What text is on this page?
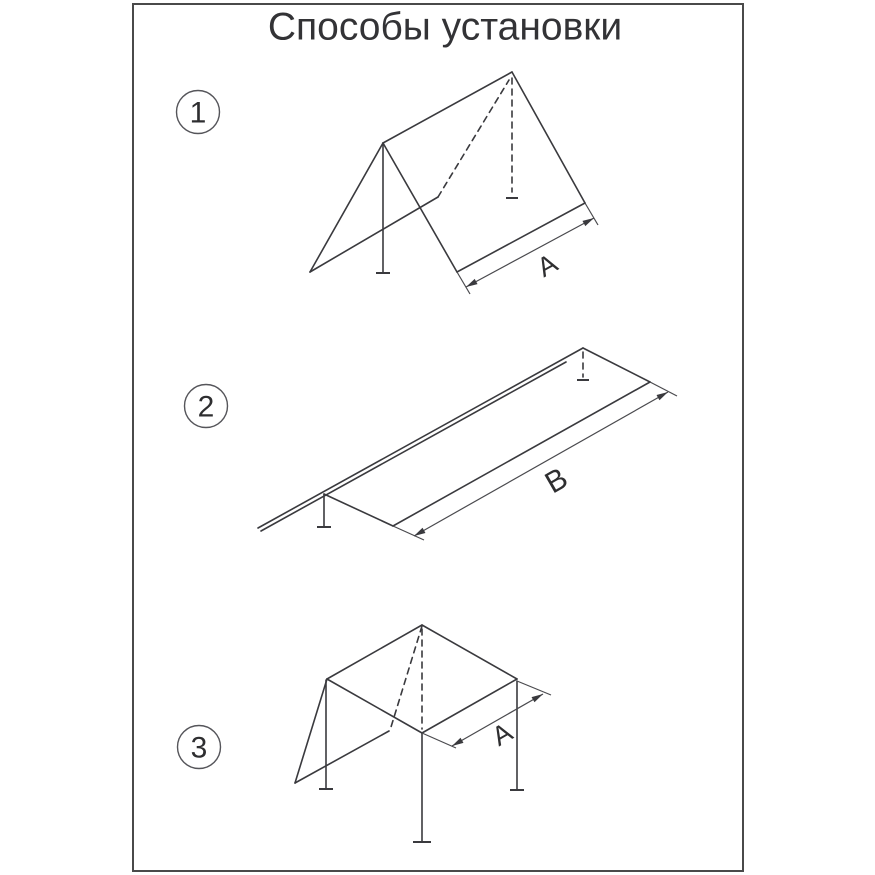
Способы установки
1
A
2
B
3	A
